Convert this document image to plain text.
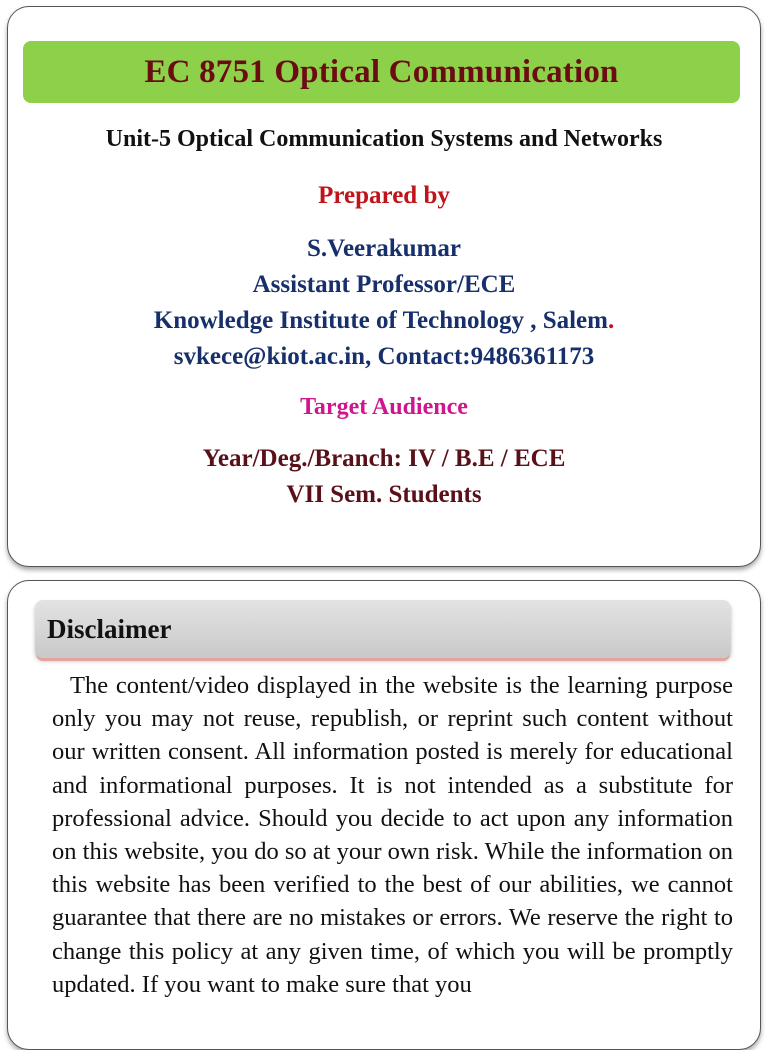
EC 8751 Optical Communication
Unit-5 Optical Communication Systems and Networks
Prepared by
S.Veerakumar
Assistant Professor/ECE
Knowledge Institute of Technology , Salem.
svkece@kiot.ac.in, Contact:9486361173
Target Audience
Year/Deg./Branch: IV / B.E / ECE
VII Sem. Students
Disclaimer
The content/video displayed in the website is the learning purpose only you may not reuse, republish, or reprint such content without our written consent. All information posted is merely for educational and informational purposes. It is not intended as a substitute for professional advice. Should you decide to act upon any information on this website, you do so at your own risk. While the information on this website has been verified to the best of our abilities, we cannot guarantee that there are no mistakes or errors. We reserve the right to change this policy at any given time, of which you will be promptly updated. If you want to make sure that you
